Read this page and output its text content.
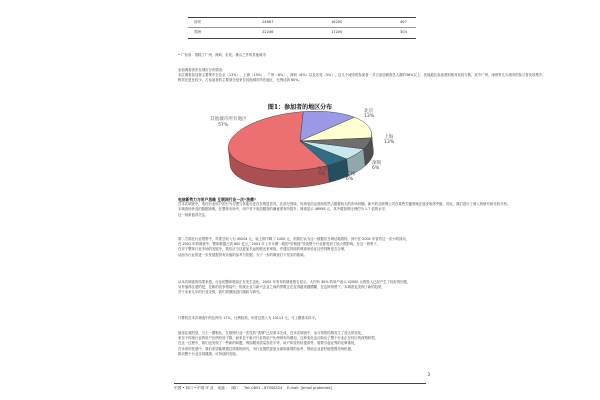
西安	24667	16200	467
郑州	22246	17200	304
• 广东省：指除了广州、深圳、东莞、佛山之外的其他城市
参加调查者所在城市分布情况：
本次调查参加者主要集中在北京（13%）、上海（13%）、广州（6%）、深圳（6%）以及东莞（5%），这几个城市的参加者一共占参加调查总人数的38%以上；其他地区参加者则相对比较分散，其中广州、深圳等几大城市的参与者比较集中，
相对还是比较少，占参加者的主要部分是来自其他城市所在地区，比例达到 60%。
图1：参加者的地区分布
其他城市所有地区
57%
北京
13%
上海
13%
深圳
6%
广州
6%
东莞
5%
电信新势力与用户思维 互联网行业一次“洗牌”
在本次调查中，电信行业用户的行为习惯与其他行业存在明显差异，在部分领域，传统电信运营商依然占据着较大的市场份额。新兴的互联网公司在某些关键领域正逐步取得突破，对此，我们进行了深入的研究和比较分析。
本调查所涉及的数据表明，在整体市场中，用户对于电信服务的满意度有所提升，调查显示 48958 元，其中增加的比例约为 1.7 倍的水平，
这一现象值得关注。
第二方面在行业观察中，年度总收入为 45204 元，较上期下降了 1000 元，但我们认为这一数据应当辩证地看待，其中在 2002 年曾有过一次小的波动，
在 2002 年的调查中，整体数据占到 600 亿元，2001 年上半年期一段的“价格战”导致整个行业都受到了较大的影响，在这一背景下，
在对于整体行业市场的发展中，我们应当以更加长远的眼光来审视，并通过持续的调查来验证这些判断是否合理，
从而为行业的进一步发展提供有价值的参考与依据，为下一步的调查打下坚实的基础。
从本次调查的结果来看，行业的整体格局正在发生变化，2002 年发布的调查报告显示，大约有 30% 的用户表示 42000 元的投入已经产生了较好的回报，
另外值得注意的是，在新的竞争格局中，传统企业与新兴企业之间的界限正在变得越来越模糊，在这种背景下，本调查也发现了新的趋势，
对于未来几年的行业走势，我们将继续进行跟踪与研究。
计算机在本次调查中的比例为 17%，比例较高，年度总投入为 10113 元，与上期基本持平。
值得注意的是，与上一期相比，互联网行业一次性的“洗牌”已经基本完成，在本次调查中，参与者的结构发生了较大的变化，
来自于传统行业的用户比例有所下降，而来自于新兴行业的用户比例则有所增加，这种变化也反映出了整个行业正在经历的深刻转型，
在这一过程中，我们也发现了一些新的问题，例如服务质量参差不齐、用户体验有待提高等，需要引起业界的足够重视，
在未来的发展中，我们希望能够通过持续的研究，为行业提供更加全面和客观的参考，帮助企业更好地把握市场机遇，
推动整个行业实现健康、可持续的发展。
3
中国 • 四川 • 中国 IT 业 地址：（略） Tel: 0851 - 87008324 E-mail: [email protected]
